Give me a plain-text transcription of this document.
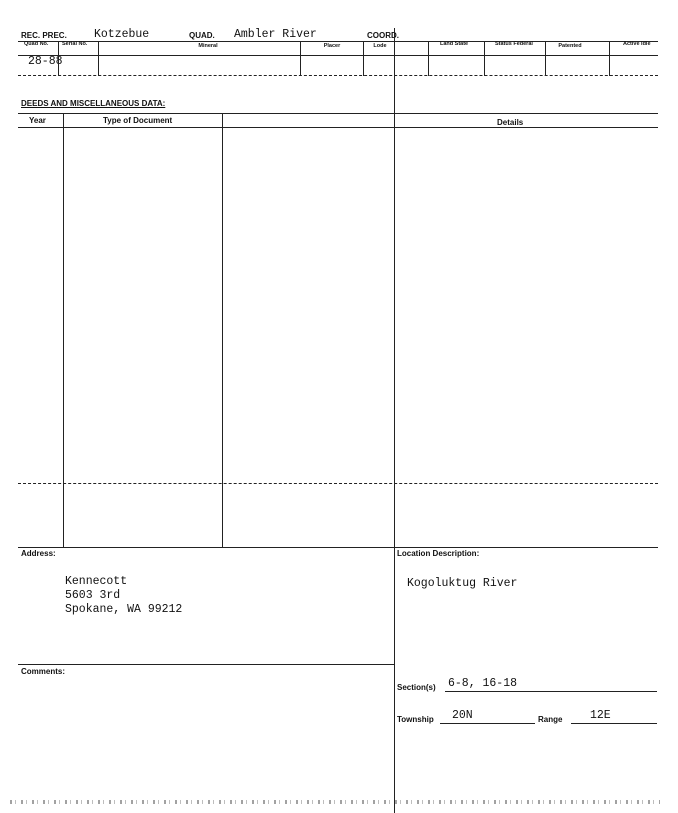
REC. PREC. Kotzebue	QUAD. Ambler River	COORD.
Quad No. Serial No.	Mineral	Placer	Lode	Land State	Status Federal	Patented	Active Idle
28-88
DEEDS AND MISCELLANEOUS DATA:
Year	Type of Document	Details
Address:
Kennecott
5603 3rd
Spokane, WA 99212
Location Description:
Kogoluktug River
Comments:
Section(s) 6-8, 16-18
Township 20N	Range 12E
